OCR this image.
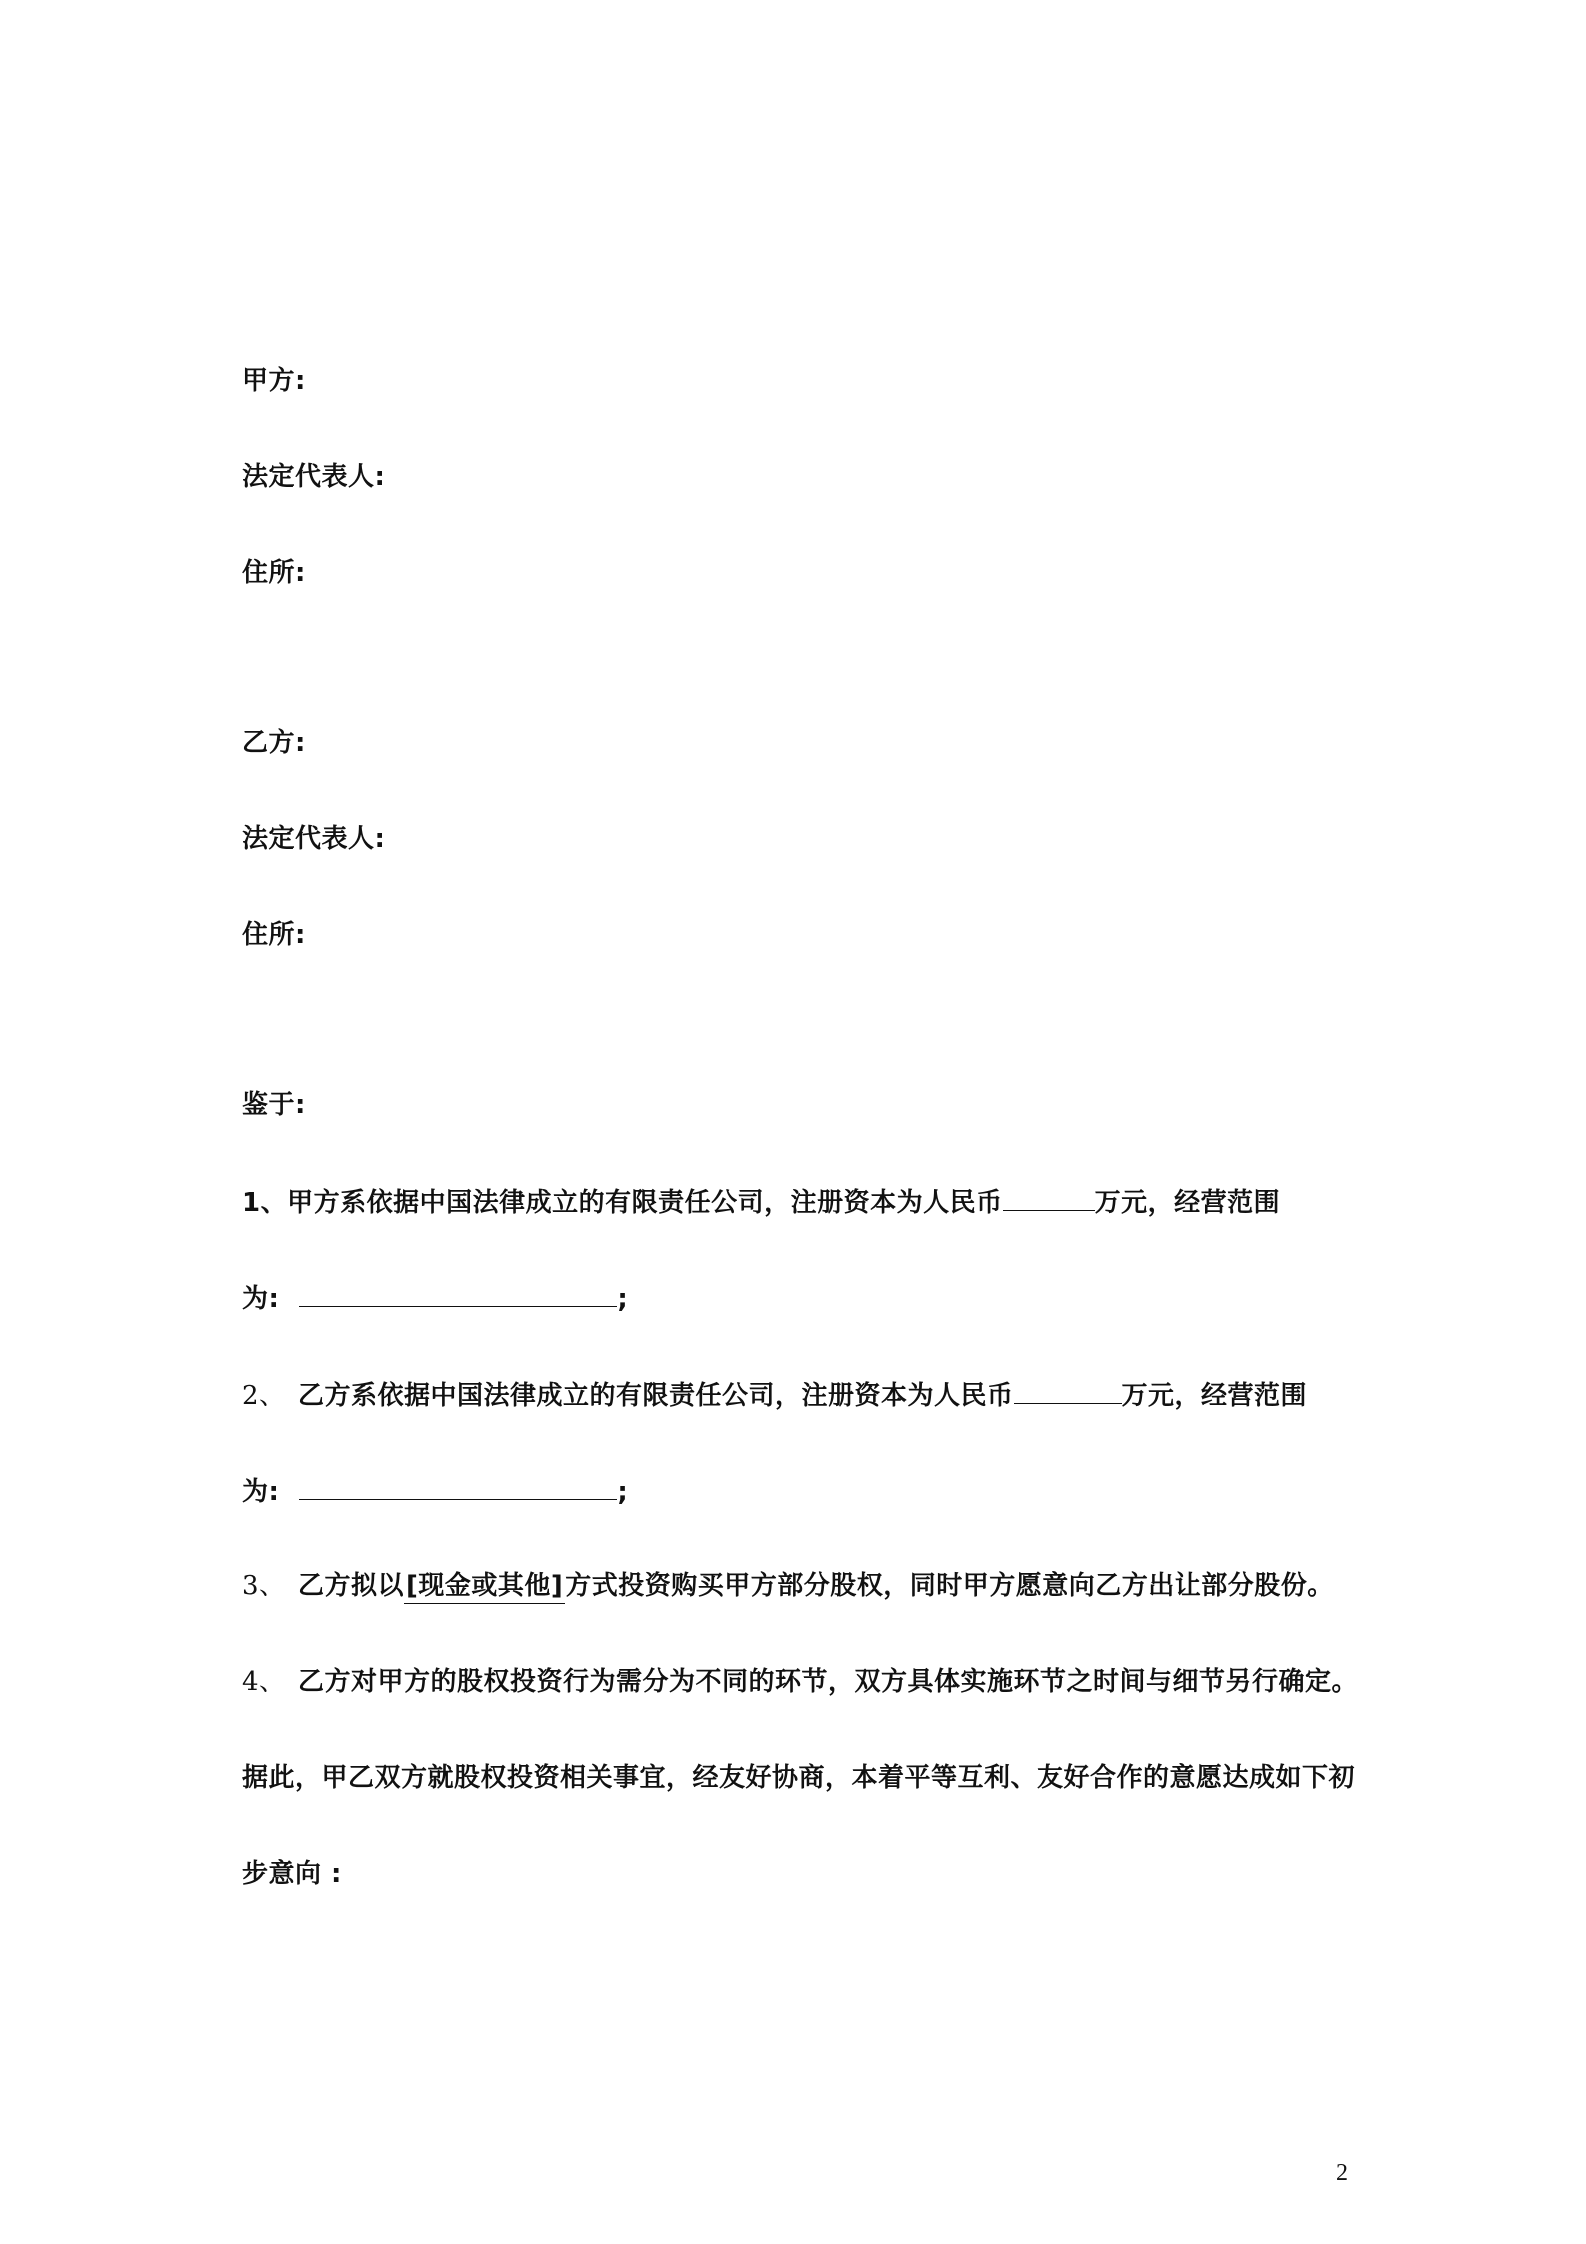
甲方:
法定代表人:
住所:
乙方:
法定代表人:
住所:
鉴于:
1、甲方系依据中国法律成立的有限责任公司，注册资本为人民币	万元，经营范围
为:	;
2、 乙方系依据中国法律成立的有限责任公司，注册资本为人民币	万元，经营范围
为:	;
3、 乙方拟以[现金或其他]方式投资购买甲方部分股权，同时甲方愿意向乙方出让部分股份。
4、 乙方对甲方的股权投资行为需分为不同的环节，双方具体实施环节之时间与细节另行确定。
据此，甲乙双方就股权投资相关事宜，经友好协商，本着平等互利、友好合作的意愿达成如下初
步意向 :
2
